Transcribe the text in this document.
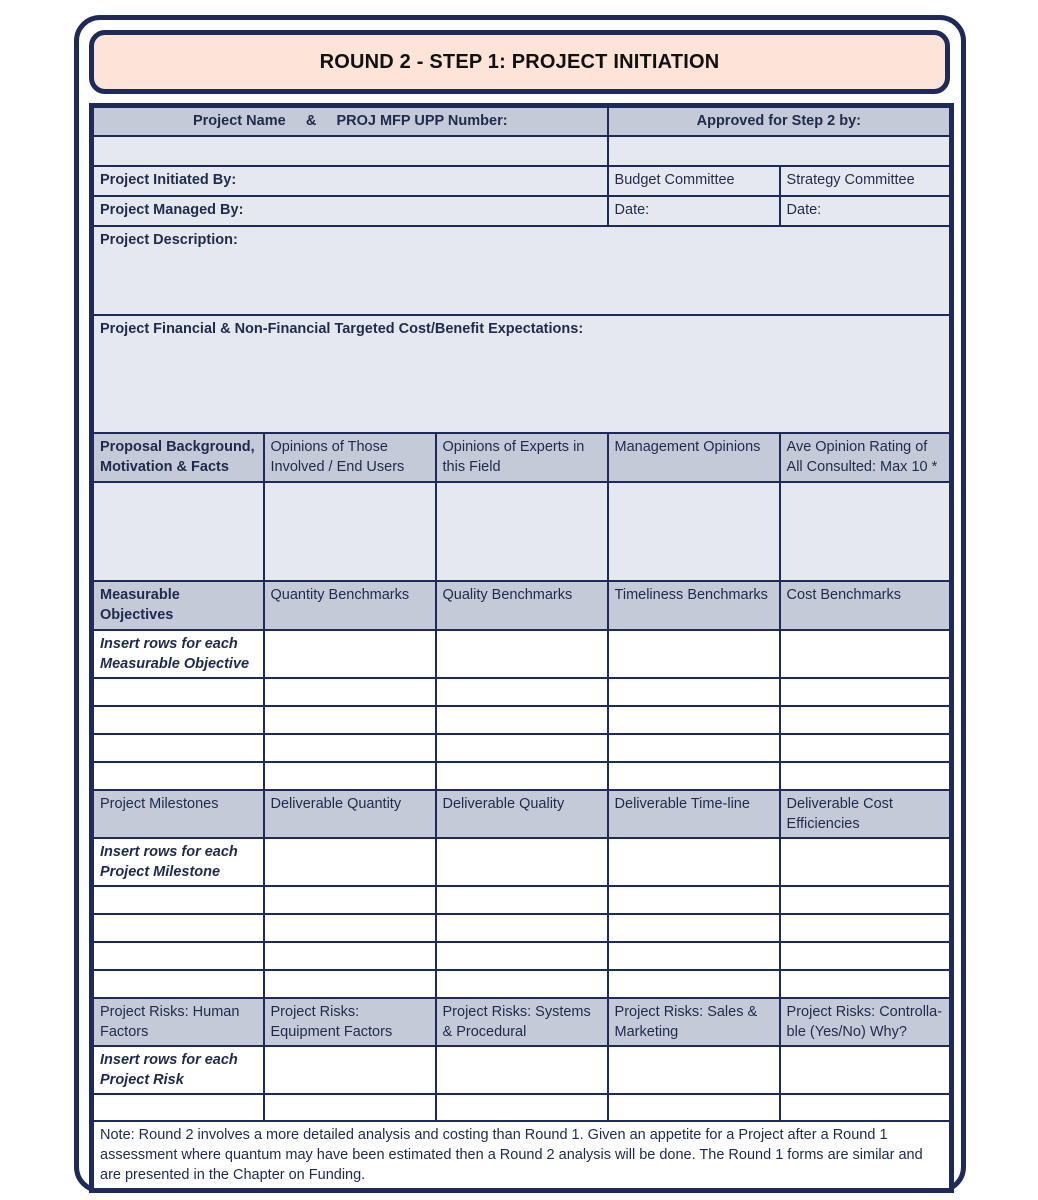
ROUND 2 - STEP 1: PROJECT INITIATION
Project Name & PROJ MFP UPP Number:			Approved for Step 2 by:	

Project Initiated By:			Budget Committee	Strategy Committee
Project Managed By:			Date:	Date:
Project Description:				
Project Financial & Non-Financial Targeted Cost/Benefit Expectations:				
Proposal Background, Motivation & Facts	Opinions of Those Involved / End Users	Opinions of Experts in this Field	Management Opinions	Ave Opinion Rating of All Consulted: Max 10 *

Measurable Objectives	Quantity Benchmarks	Quality Benchmarks	Timeliness Benchmarks	Cost Benchmarks
Insert rows for each Measurable Objective				

Project Milestones	Deliverable Quantity	Deliverable Quality	Deliverable Time-line	Deliverable Cost Efficiencies
Insert rows for each Project Milestone				

Project Risks: Human Factors	Project Risks: Equipment Factors	Project Risks: Systems & Procedural	Project Risks: Sales & Marketing	Project Risks: Controlla- ble (Yes/No) Why?
Insert rows for each Project Risk				

Note: Round 2 involves a more detailed analysis and costing than Round 1. Given an appetite for a Project after a Round 1 assessment where quantum may have been estimated then a Round 2 analysis will be done. The Round 1 forms are similar and are presented in the Chapter on Funding.				
